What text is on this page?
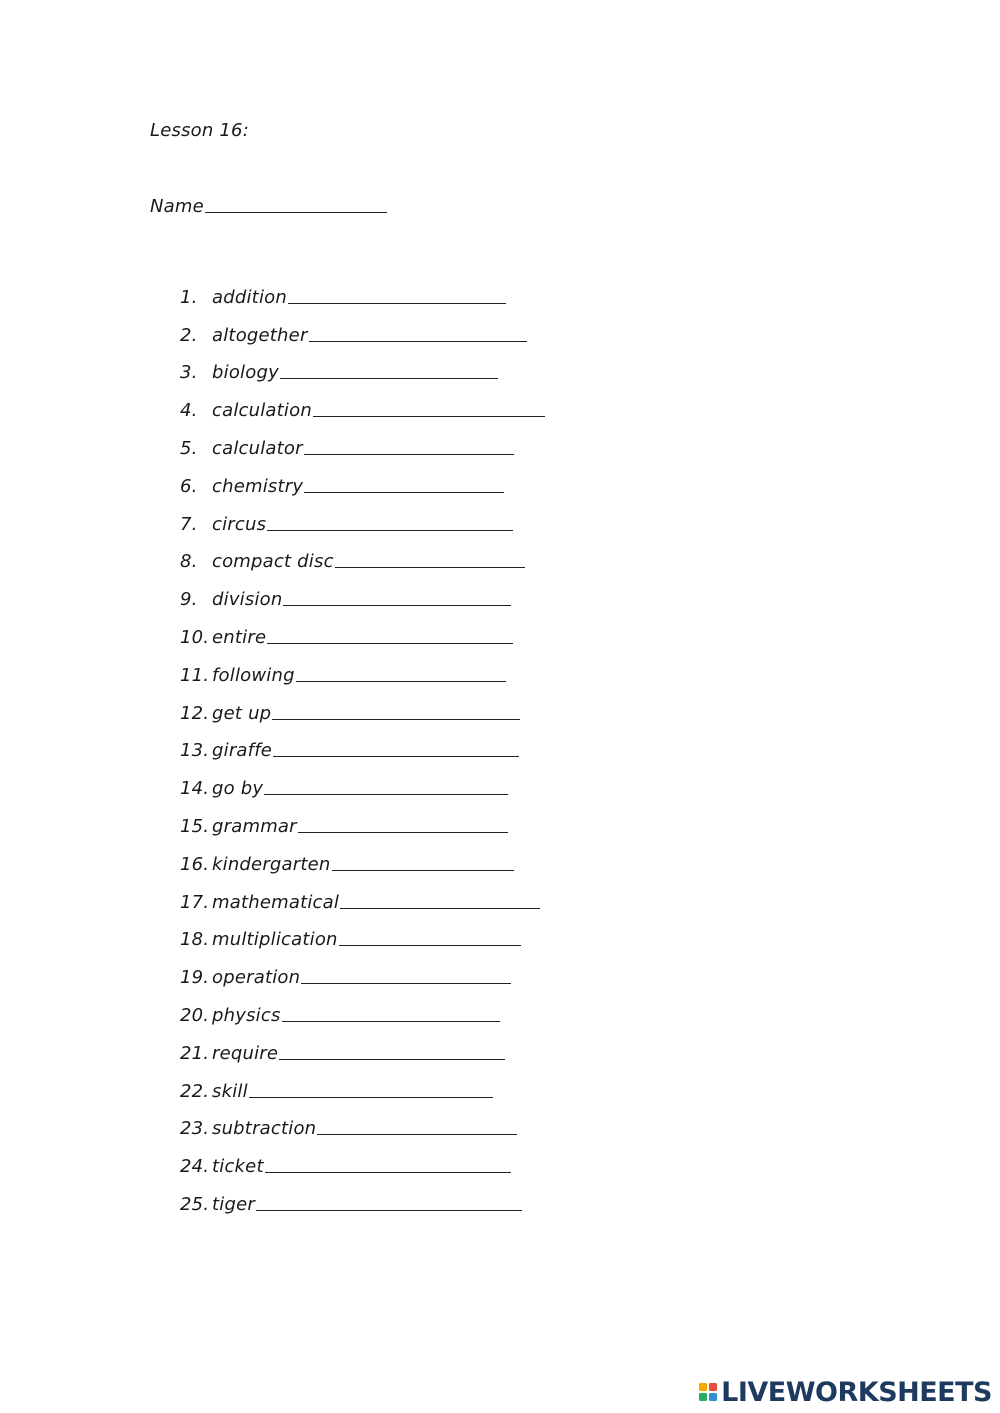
Lesson 16:
Name
1. addition
2. altogether
3. biology
4. calculation
5. calculator
6. chemistry
7. circus
8. compact disc
9. division
10. entire
11. following
12. get up
13. giraffe
14. go by
15. grammar
16. kindergarten
17. mathematical
18. multiplication
19. operation
20. physics
21. require
22. skill
23. subtraction
24. ticket
25. tiger
LIVEWORKSHEETS
